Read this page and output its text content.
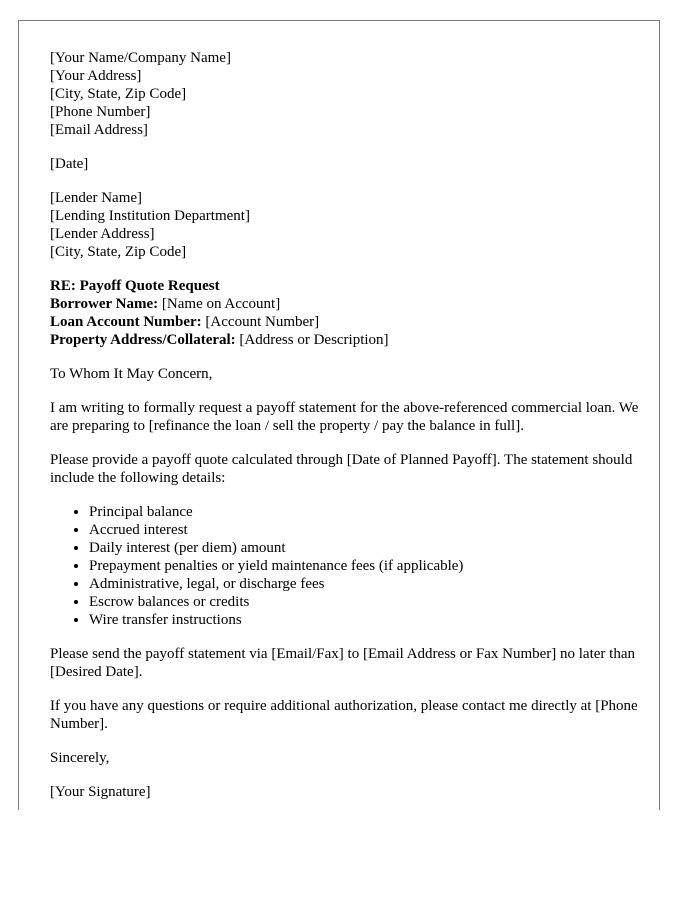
[Your Name/Company Name]
[Your Address]
[City, State, Zip Code]
[Phone Number]
[Email Address]
[Date]
[Lender Name]
[Lending Institution Department]
[Lender Address]
[City, State, Zip Code]
RE: Payoff Quote Request
Borrower Name: [Name on Account]
Loan Account Number: [Account Number]
Property Address/Collateral: [Address or Description]

To Whom It May Concern,

I am writing to formally request a payoff statement for the above-referenced commercial loan. We are preparing to [refinance the loan / sell the property / pay the balance in full].

Please provide a payoff quote calculated through [Date of Planned Payoff]. The statement should include the following details:

• Principal balance
• Accrued interest
• Daily interest (per diem) amount
• Prepayment penalties or yield maintenance fees (if applicable)
• Administrative, legal, or discharge fees
• Escrow balances or credits
• Wire transfer instructions

Please send the payoff statement via [Email/Fax] to [Email Address or Fax Number] no later than [Desired Date].

If you have any questions or require additional authorization, please contact me directly at [Phone Number].

Sincerely,

[Your Signature]
